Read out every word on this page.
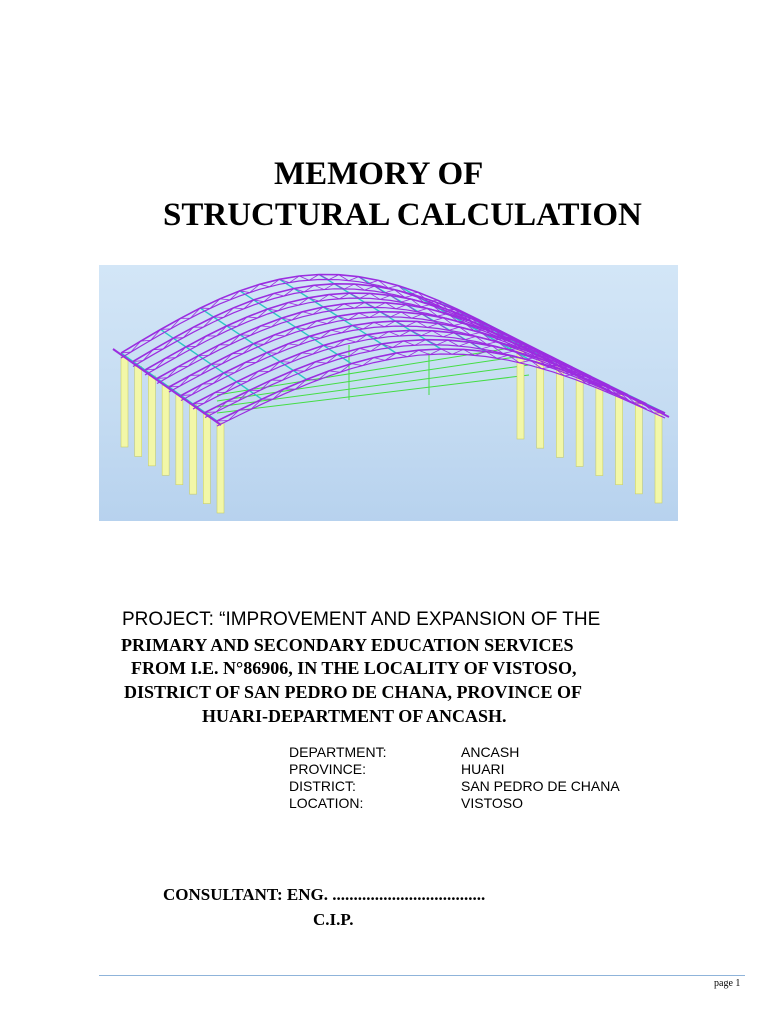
MEMORY OF
STRUCTURAL CALCULATION
PROJECT: “IMPROVEMENT AND EXPANSION OF THE
PRIMARY AND SECONDARY EDUCATION SERVICES
FROM I.E. N°86906, IN THE LOCALITY OF VISTOSO,
DISTRICT OF SAN PEDRO DE CHANA, PROVINCE OF
HUARI-DEPARTMENT OF ANCASH.
DEPARTMENT:	ANCASH
PROVINCE:	HUARI
DISTRICT:	SAN PEDRO DE CHANA
LOCATION:	VISTOSO
CONSULTANT: ENG. ....................................
C.I.P.
page 1
